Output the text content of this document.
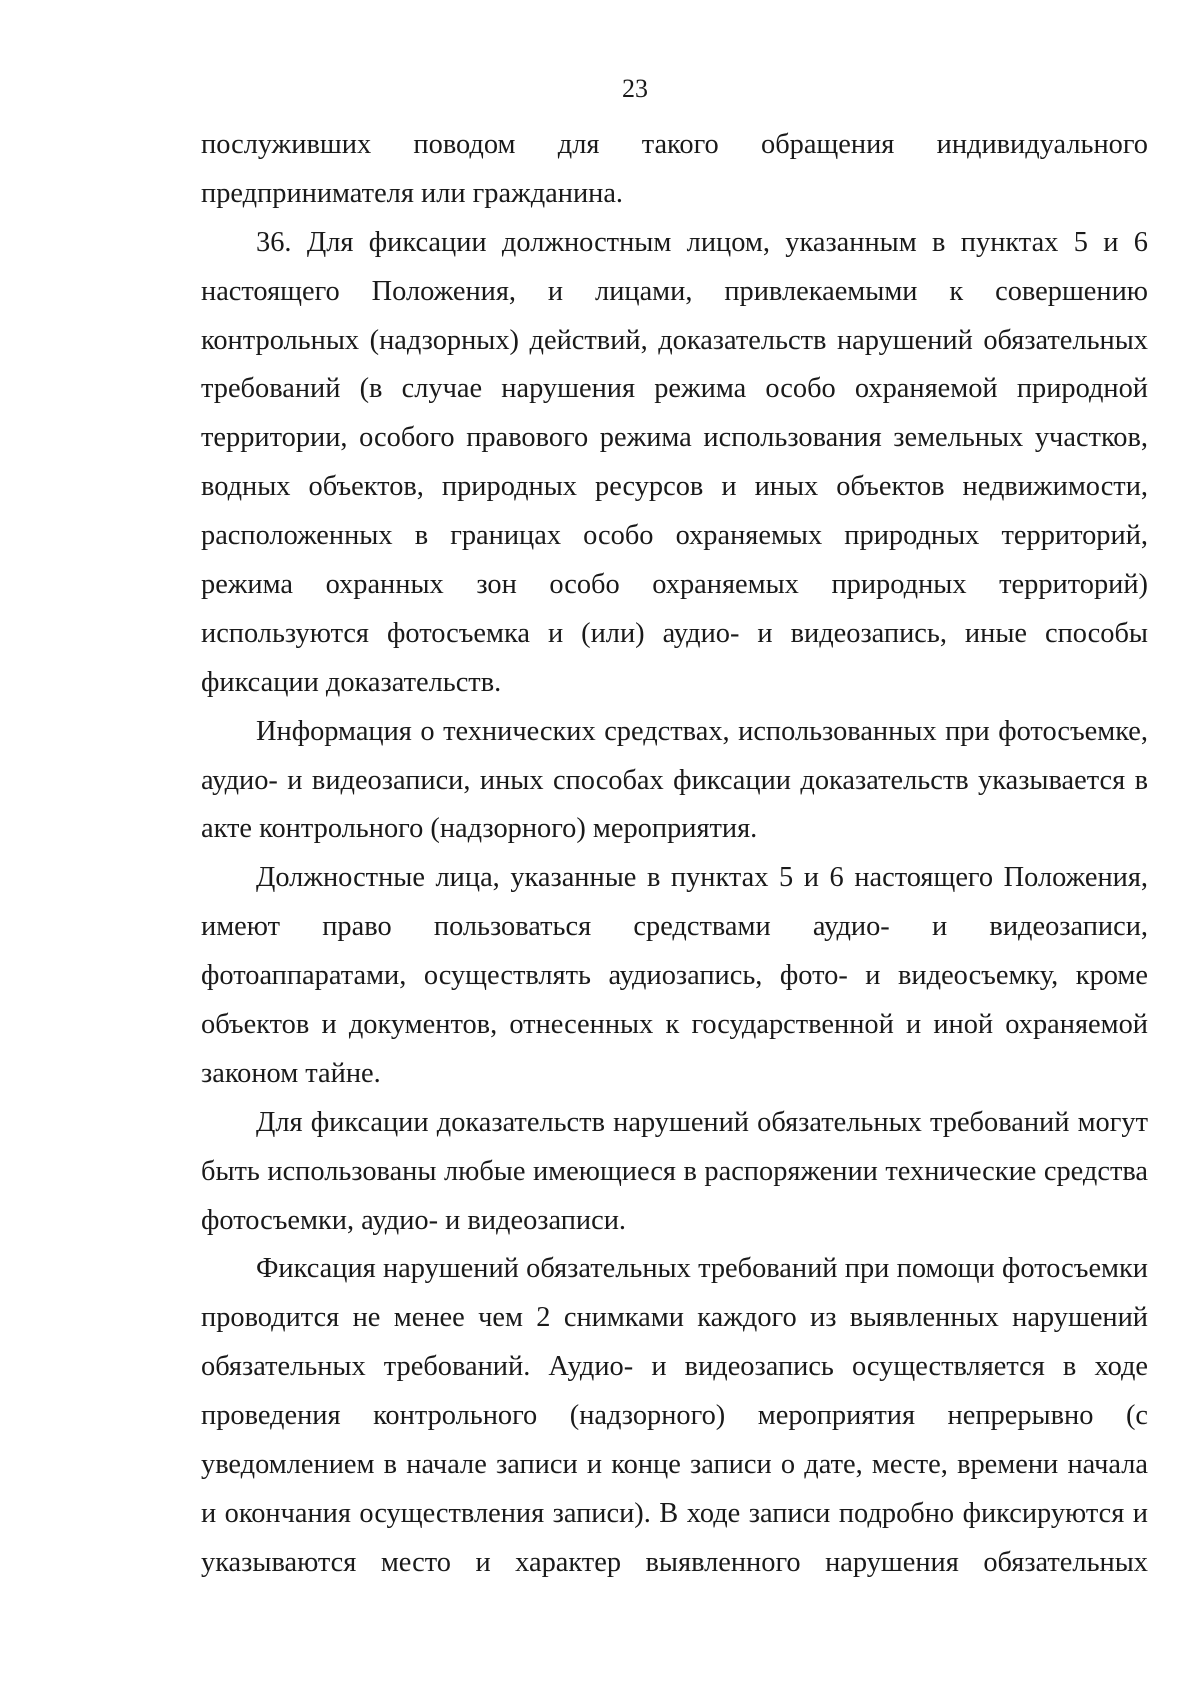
23
послуживших поводом для такого обращения индивидуального
предпринимателя или гражданина.
36. Для фиксации должностным лицом, указанным в пунктах 5 и 6
настоящего Положения, и лицами, привлекаемыми к совершению
контрольных (надзорных) действий, доказательств нарушений обязательных
требований (в случае нарушения режима особо охраняемой природной
территории, особого правового режима использования земельных участков,
водных объектов, природных ресурсов и иных объектов недвижимости,
расположенных в границах особо охраняемых природных территорий,
режима охранных зон особо охраняемых природных территорий)
используются фотосъемка и (или) аудио- и видеозапись, иные способы
фиксации доказательств.
Информация о технических средствах, использованных при фотосъемке,
аудио- и видеозаписи, иных способах фиксации доказательств указывается в
акте контрольного (надзорного) мероприятия.
Должностные лица, указанные в пунктах 5 и 6 настоящего Положения,
имеют право пользоваться средствами аудио- и видеозаписи,
фотоаппаратами, осуществлять аудиозапись, фото- и видеосъемку, кроме
объектов и документов, отнесенных к государственной и иной охраняемой
законом тайне.
Для фиксации доказательств нарушений обязательных требований могут
быть использованы любые имеющиеся в распоряжении технические средства
фотосъемки, аудио- и видеозаписи.
Фиксация нарушений обязательных требований при помощи фотосъемки
проводится не менее чем 2 снимками каждого из выявленных нарушений
обязательных требований. Аудио- и видеозапись осуществляется в ходе
проведения контрольного (надзорного) мероприятия непрерывно (с
уведомлением в начале записи и конце записи о дате, месте, времени начала
и окончания осуществления записи). В ходе записи подробно фиксируются и
указываются место и характер выявленного нарушения обязательных
